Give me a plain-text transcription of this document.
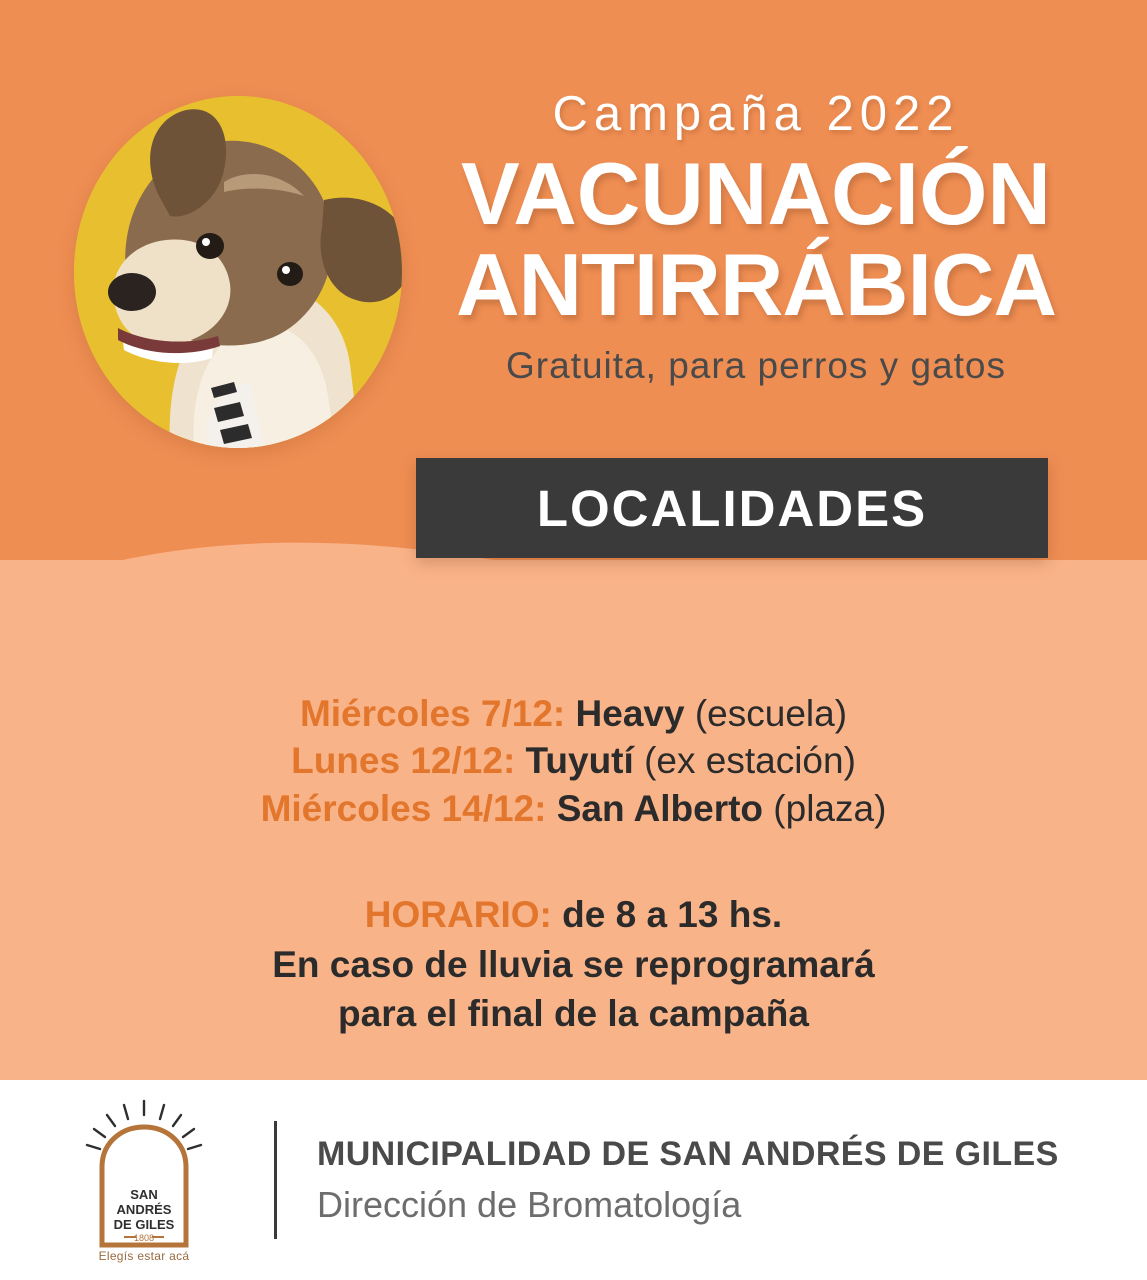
Campaña 2022
VACUNACIÓN
ANTIRRÁBICA
Gratuita, para perros y gatos
LOCALIDADES
Miércoles 7/12: Heavy (escuela)
Lunes 12/12: Tuyutí (ex estación)
Miércoles 14/12: San Alberto (plaza)
HORARIO: de 8 a 13 hs.
En caso de lluvia se reprogramará
para el final de la campaña
SAN
ANDRÉS
DE GILES
1808
Elegís estar acá
MUNICIPALIDAD DE SAN ANDRÉS DE GILES
Dirección de Bromatología
